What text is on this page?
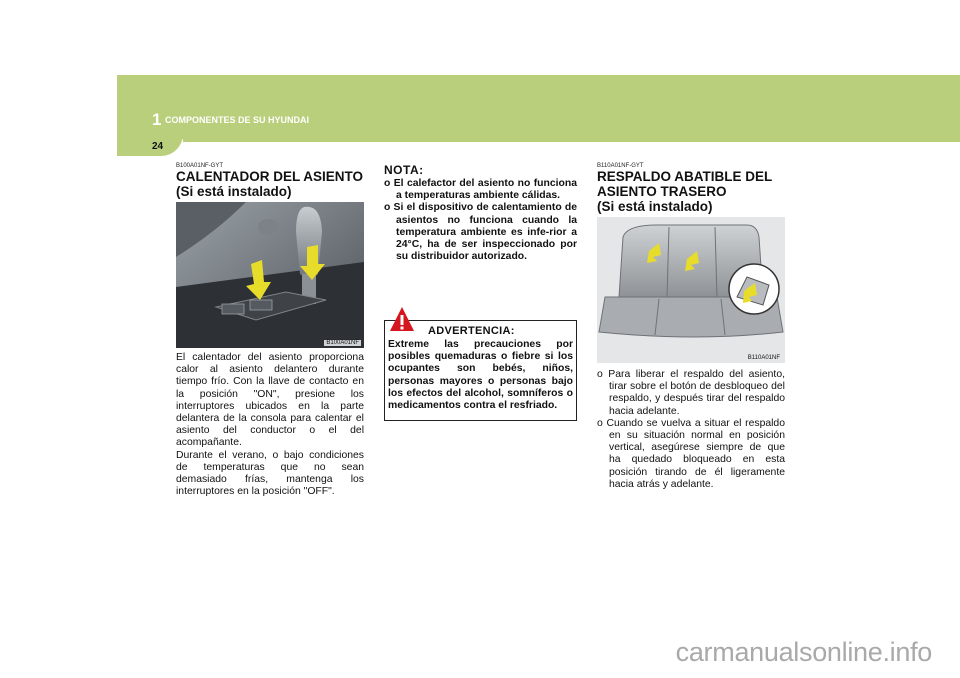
1 COMPONENTES DE SU HYUNDAI
24
B100A01NF-GYT

CALENTADOR DEL ASIENTO

(Si está instalado)

B100A01NF

El calentador del asiento proporciona calor al asiento delantero durante tiempo frío. Con la llave de contacto en la posición "ON", presione los interruptores ubicados en la parte delantera de la consola para calentar el asiento del conductor o el del acompañante.

Durante el verano, o bajo condiciones de temperaturas que no sean demasiado frías, mantenga los interruptores en la posición "OFF".

NOTA:

o El calefactor del asiento no funciona a temperaturas ambiente cálidas.

o Si el dispositivo de calentamiento de asientos no funciona cuando la temperatura ambiente es infe-rior a 24°C, ha de ser inspeccionado por su distribuidor autorizado.

ADVERTENCIA:

Extreme las precauciones por posibles quemaduras o fiebre si los ocupantes son bebés, niños, personas mayores o personas bajo los efectos del alcohol, somníferos o medicamentos contra el resfriado.

B110A01NF-GYT

RESPALDO ABATIBLE DEL

ASIENTO TRASERO

(Si está instalado)

B110A01NF

o Para liberar el respaldo del asiento, tirar sobre el botón de desbloqueo del respaldo, y después tirar del respaldo hacia adelante.

o Cuando se vuelva a situar el respaldo en su situación normal en posición vertical, asegúrese siempre de que ha quedado bloqueado en esta posición tirando de él ligeramente hacia atrás y adelante.

carmanualsonline.info
